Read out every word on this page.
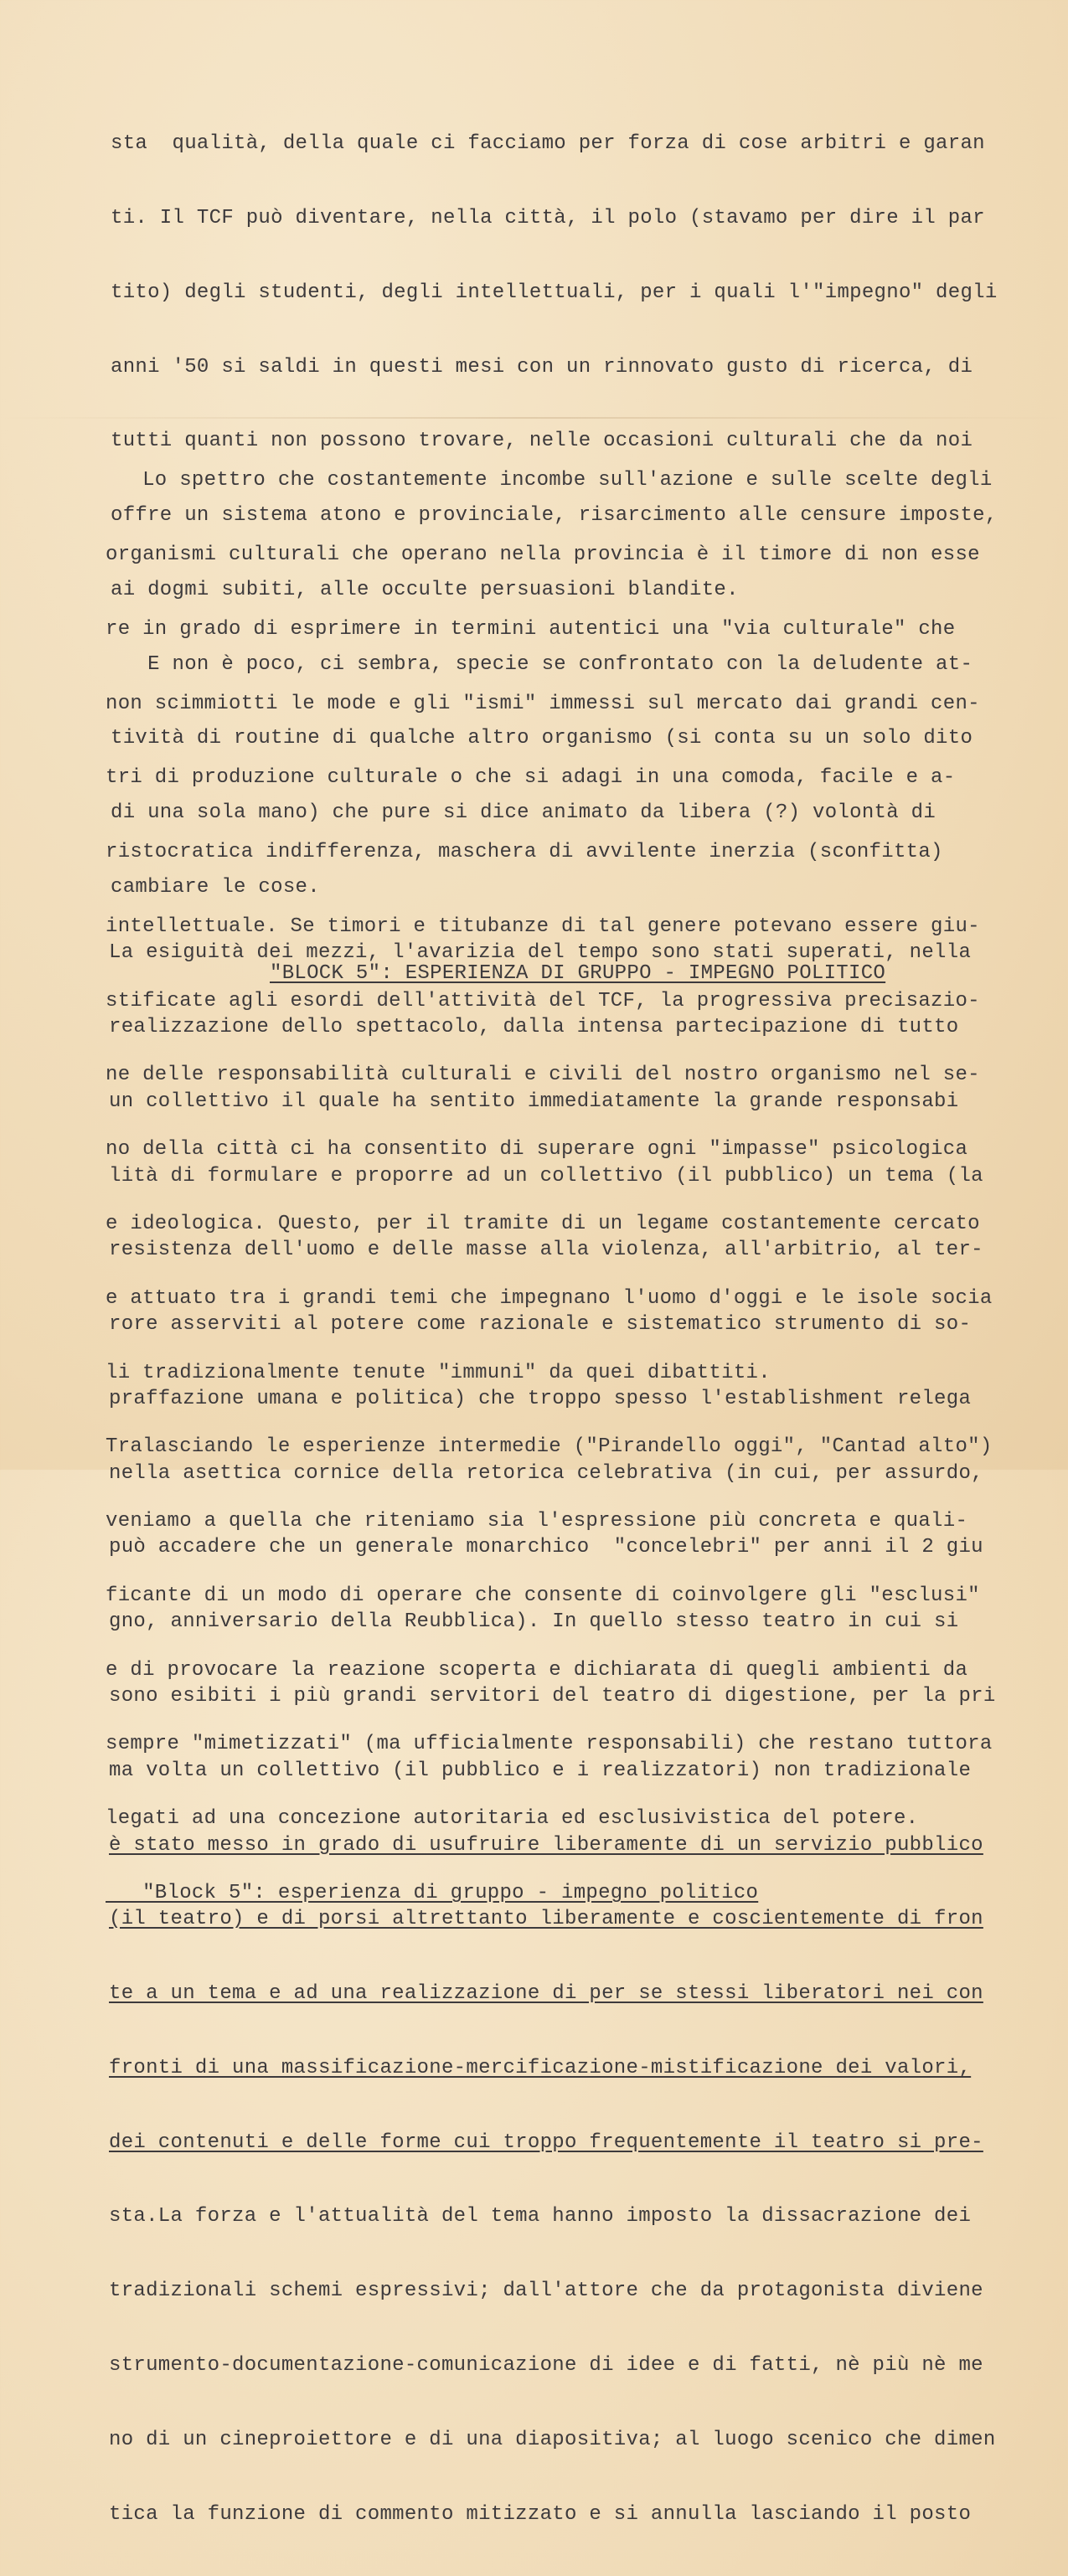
sta  qualità, della quale ci facciamo per forza di cose arbitri e garan

ti. Il TCF può diventare, nella città, il polo (stavamo per dire il par

tito) degli studenti, degli intellettuali, per i quali l'"impegno" degli

anni '50 si saldi in questi mesi con un rinnovato gusto di ricerca, di

tutti quanti non possono trovare, nelle occasioni culturali che da noi

offre un sistema atono e provinciale, risarcimento alle censure imposte,

ai dogmi subiti, alle occulte persuasioni blandite.

E non è poco, ci sembra, specie se confrontato con la deludente at-

tività di routine di qualche altro organismo (si conta su un solo dito

di una sola mano) che pure si dice animato da libera (?) volontà di

cambiare le cose.

"BLOCK 5": ESPERIENZA DI GRUPPO - IMPEGNO POLITICO

Lo spettro che costantemente incombe sull'azione e sulle scelte degli

organismi culturali che operano nella provincia è il timore di non esse

re in grado di esprimere in termini autentici una "via culturale" che

non scimmiotti le mode e gli "ismi" immessi sul mercato dai grandi cen-

tri di produzione culturale o che si adagi in una comoda, facile e a-

ristocratica indifferenza, maschera di avvilente inerzia (sconfitta)

intellettuale. Se timori e titubanze di tal genere potevano essere giu-

stificate agli esordi dell'attività del TCF, la progressiva precisazio-

ne delle responsabilità culturali e civili del nostro organismo nel se-

no della città ci ha consentito di superare ogni "impasse" psicologica

e ideologica. Questo, per il tramite di un legame costantemente cercato

e attuato tra i grandi temi che impegnano l'uomo d'oggi e le isole socia

li tradizionalmente tenute "immuni" da quei dibattiti.

Tralasciando le esperienze intermedie ("Pirandello oggi", "Cantad alto")

veniamo a quella che riteniamo sia l'espressione più concreta e quali-

ficante di un modo di operare che consente di coinvolgere gli "esclusi"

e di provocare la reazione scoperta e dichiarata di quegli ambienti da

sempre "mimetizzati" (ma ufficialmente responsabili) che restano tuttora

legati ad una concezione autoritaria ed esclusivistica del potere.

"Block 5": esperienza di gruppo - impegno politico

La esiguità dei mezzi, l'avarizia del tempo sono stati superati, nella

realizzazione dello spettacolo, dalla intensa partecipazione di tutto

un collettivo il quale ha sentito immediatamente la grande responsabi

lità di formulare e proporre ad un collettivo (il pubblico) un tema (la

resistenza dell'uomo e delle masse alla violenza, all'arbitrio, al ter-

rore asserviti al potere come razionale e sistematico strumento di so-

praffazione umana e politica) che troppo spesso l'establishment relega

nella asettica cornice della retorica celebrativa (in cui, per assurdo,

può accadere che un generale monarchico  "concelebri" per anni il 2 giu

gno, anniversario della Reubblica). In quello stesso teatro in cui si

sono esibiti i più grandi servitori del teatro di digestione, per la pri

ma volta un collettivo (il pubblico e i realizzatori) non tradizionale

è stato messo in grado di usufruire liberamente di un servizio pubblico

(il teatro) e di porsi altrettanto liberamente e coscientemente di fron

te a un tema e ad una realizzazione di per se stessi liberatori nei con

fronti di una massificazione-mercificazione-mistificazione dei valori,

dei contenuti e delle forme cui troppo frequentemente il teatro si pre-

sta.La forza e l'attualità del tema hanno imposto la dissacrazione dei

tradizionali schemi espressivi; dall'attore che da protagonista diviene

strumento-documentazione-comunicazione di idee e di fatti, nè più nè me

no di un cineproiettore e di una diapositiva; al luogo scenico che dimen

tica la funzione di commento mitizzato e si annulla lasciando il posto
